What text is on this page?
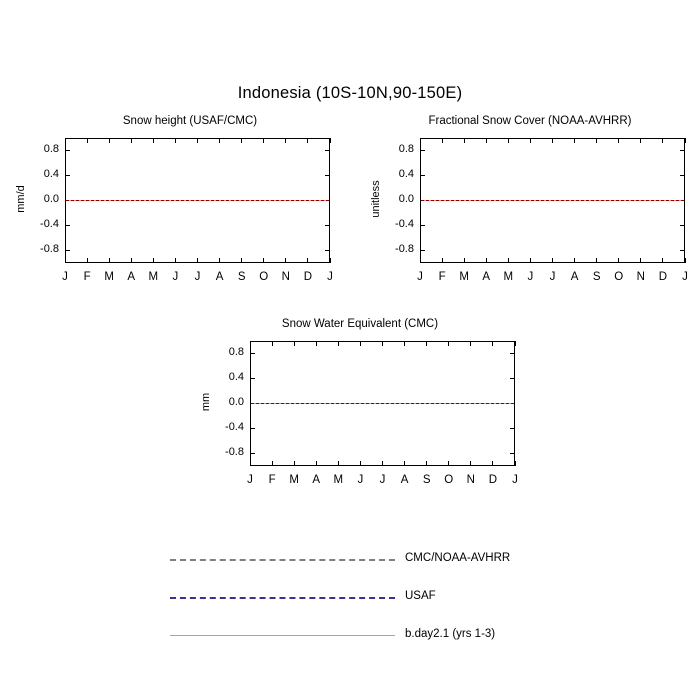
Indonesia (10S-10N,90-150E)
Snow height (USAF/CMC)
0.8
0.4
0.0
-0.4
-0.8
J	F	M	A	M	J	J	A	S	O	N	D	J
mm/d
Fractional Snow Cover (NOAA-AVHRR)
0.8
0.4
0.0
-0.4
-0.8
J	F	M	A	M	J	J	A	S	O	N	D	J
unitless
Snow Water Equivalent (CMC)
0.8
0.4
0.0
-0.4
-0.8
J	F	M	A	M	J	J	A	S	O	N	D	J
mm
CMC/NOAA-AVHRR
USAF
b.day2.1 (yrs 1-3)
